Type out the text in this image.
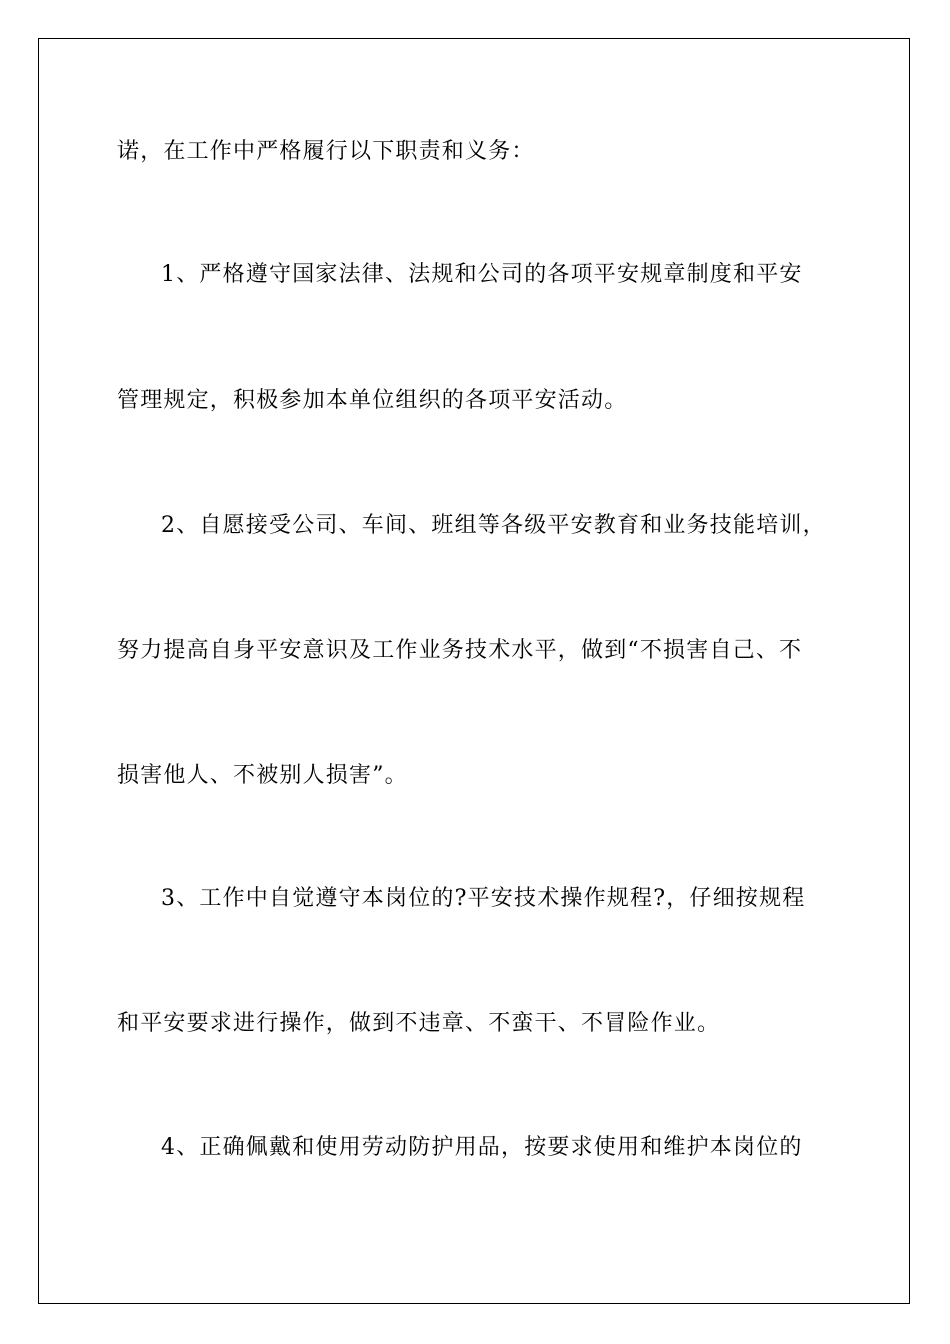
诺，在工作中严格履行以下职责和义务：

1、严格遵守国家法律、法规和公司的各项平安规章制度和平安

管理规定，积极参加本单位组织的各项平安活动。

2、自愿接受公司、车间、班组等各级平安教育和业务技能培训，

努力提高自身平安意识及工作业务技术水平，做到“不损害自己、不

损害他人、不被别人损害”。

3、工作中自觉遵守本岗位的?平安技术操作规程?，仔细按规程

和平安要求进行操作，做到不违章、不蛮干、不冒险作业。

4、正确佩戴和使用劳动防护用品，按要求使用和维护本岗位的
